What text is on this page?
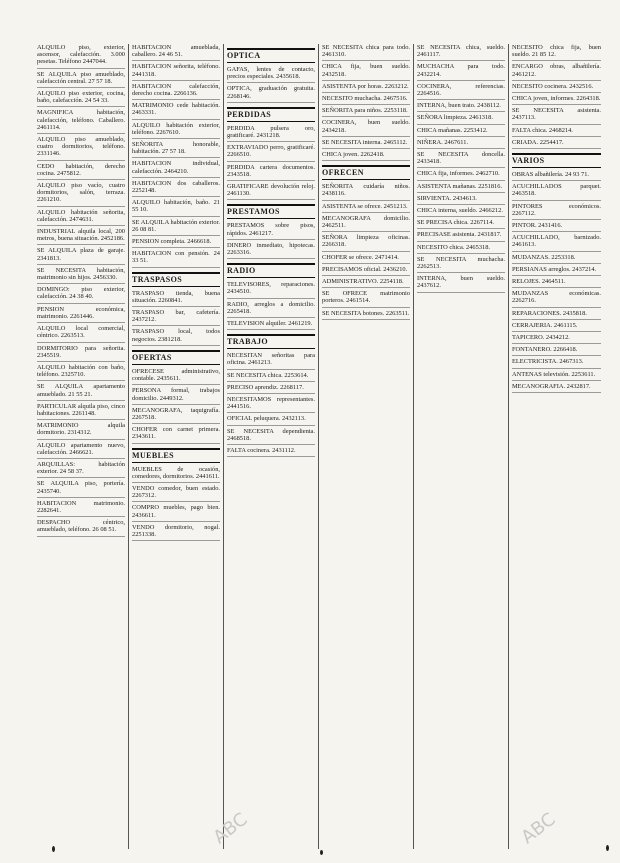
ALQUILO piso, exterior, ascensor, calefacción. 3.000 pesetas. Teléfono 2447044.
SE ALQUILA piso amueblado, calefacción central. 27 57 18.
ALQUILO piso exterior, cocina, baño, calefacción. 24 54 33.
MAGNIFICA habitación, calefacción, teléfono. Caballero. 2461114.
ALQUILO piso amueblado, cuatro dormitorios, teléfono. 2331146.
CEDO habitación, derecho cocina. 2475812.
ALQUILO piso vacío, cuatro dormitorios, salón, terraza. 2261210.
ALQUILO habitación señorita, calefacción. 2474631.
INDUSTRIAL alquila local, 200 metros, buena situación. 2452186.
SE ALQUILA plaza de garaje. 2341813.
SE NECESITA habitación, matrimonio sin hijos. 2456330.
DOMINGO: piso exterior, calefacción. 24 38 40.
PENSION económica, matrimonio. 2261446.
ALQUILO local comercial, céntrico. 2263513.
DORMITORIO para señorita. 2345519.
ALQUILO habitación con baño, teléfono. 2325710.
SE ALQUILA apartamento amueblado. 21 55 21.
PARTICULAR alquila piso, cinco habitaciones. 2261148.
MATRIMONIO alquila dormitorio. 2314312.
ALQUILO apartamento nuevo, calefacción. 2466621.
ARQUILLAS: habitación exterior. 24 58 37.
SE ALQUILA piso, portería. 2435740.
HABITACION matrimonio. 2282641.
DESPACHO céntrico, amueblado, teléfono. 26 08 51.
HABITACION amueblada, caballero. 24 46 51.
HABITACION señorita, teléfono. 2441318.
HABITACION calefacción, derecho cocina. 2266136.
MATRIMONIO cede habitación. 2463331.
ALQUILO habitación exterior, teléfono. 2267610.
SEÑORITA honorable, habitación. 27 57 18.
HABITACION individual, calefacción. 2464210.
HABITACION dos caballeros. 2252148.
ALQUILO habitación, baño. 21 55 10.
SE ALQUILA habitación exterior. 26 08 81.
PENSION completa. 2466618.
HABITACION con pensión. 24 33 51.
TRASPASOS
TRASPASO tienda, buena situación. 2260841.
TRASPASO bar, cafetería. 2437212.
TRASPASO local, todos negocios. 2381218.
OFERTAS
OFRECESE administrativo, contable. 2435611.
PERSONA formal, trabajos domicilio. 2449312.
MECANOGRAFA, taquigrafía. 2267518.
CHOFER con carnet primera. 2343611.
MUEBLES
MUEBLES de ocasión, comedores, dormitorios. 2441611.
VENDO comedor, buen estado. 2267312.
COMPRO muebles, pago bien. 2436611.
VENDO dormitorio, nogal. 2251338.
OPTICA
GAFAS, lentes de contacto, precios especiales. 2435618.
OPTICA, graduación gratuita. 2268146.
PERDIDAS
PERDIDA pulsera oro, gratificaré. 2431218.
EXTRAVIADO perro, gratificaré. 2266510.
PERDIDA cartera documentos. 2343518.
GRATIFICARE devolución reloj. 2461130.
PRESTAMOS
PRESTAMOS sobre pisos, rápidos. 2461217.
DINERO inmediato, hipotecas. 2263316.
RADIO
TELEVISORES, reparaciones. 2434510.
RADIO, arreglos a domicilio. 2265418.
TELEVISION alquiler. 2461219.
TRABAJO
NECESITAN señoritas para oficina. 2461213.
SE NECESITA chica. 2253614.
PRECISO aprendiz. 2268117.
NECESITAMOS representantes. 2441516.
OFICIAL peluquera. 2432113.
SE NECESITA dependienta. 2468518.
FALTA cocinera. 2431112.
SE NECESITA chica para todo. 2461310.
CHICA fija, buen sueldo. 2432518.
ASISTENTA por horas. 2263212.
NECESITO muchacha. 2467516.
SEÑORITA para niños. 2253118.
COCINERA, buen sueldo. 2434218.
SE NECESITA interna. 2465112.
CHICA joven. 2262418.
OFRECEN
SEÑORITA cuidaría niños. 2438116.
ASISTENTA se ofrece. 2451213.
MECANOGRAFA domicilio. 2462511.
SEÑORA limpieza oficinas. 2266318.
CHOFER se ofrece. 2471414.
PRECISAMOS oficial. 2436210.
ADMINISTRATIVO. 2254118.
SE OFRECE matrimonio porteros. 2461514.
SE NECESITA botones. 2263511.
SE NECESITA chica, sueldo. 2461117.
MUCHACHA para todo. 2432214.
COCINERA, referencias. 2264516.
INTERNA, buen trato. 2438112.
SEÑORA limpieza. 2461318.
CHICA mañanas. 2253412.
NIÑERA. 2467611.
SE NECESITA doncella. 2433418.
CHICA fija, informes. 2462710.
ASISTENTA mañanas. 2251816.
SIRVIENTA. 2434613.
CHICA interna, sueldo. 2466212.
SE PRECISA chica. 2267114.
PRECISASE asistenta. 2431817.
NECESITO chica. 2465318.
SE NECESITA muchacha. 2262513.
INTERNA, buen sueldo. 2437612.
NECESITO chica fija, buen sueldo. 21 85 12.
ENCARGO obras, albañilería. 2461212.
NECESITO cocinera. 2432516.
CHICA joven, informes. 2264318.
SE NECESITA asistenta. 2437113.
FALTA chica. 2468214.
CRIADA. 2254417.
VARIOS
OBRAS albañilería. 24 93 71.
ACUCHILLADOS parquet. 2463518.
PINTORES económicos. 2267112.
PINTOR. 2431416.
ACUCHILLADO, barnizado. 2461613.
MUDANZAS. 2253318.
PERSIANAS arreglos. 2437214.
RELOJES. 2464511.
MUDANZAS económicas. 2262716.
REPARACIONES. 2435818.
CERRAJERIA. 2461115.
TAPICERO. 2434212.
FONTANERO. 2266418.
ELECTRICISTA. 2467313.
ANTENAS televisión. 2253611.
MECANOGRAFIA. 2432817.
ABC	ABC
